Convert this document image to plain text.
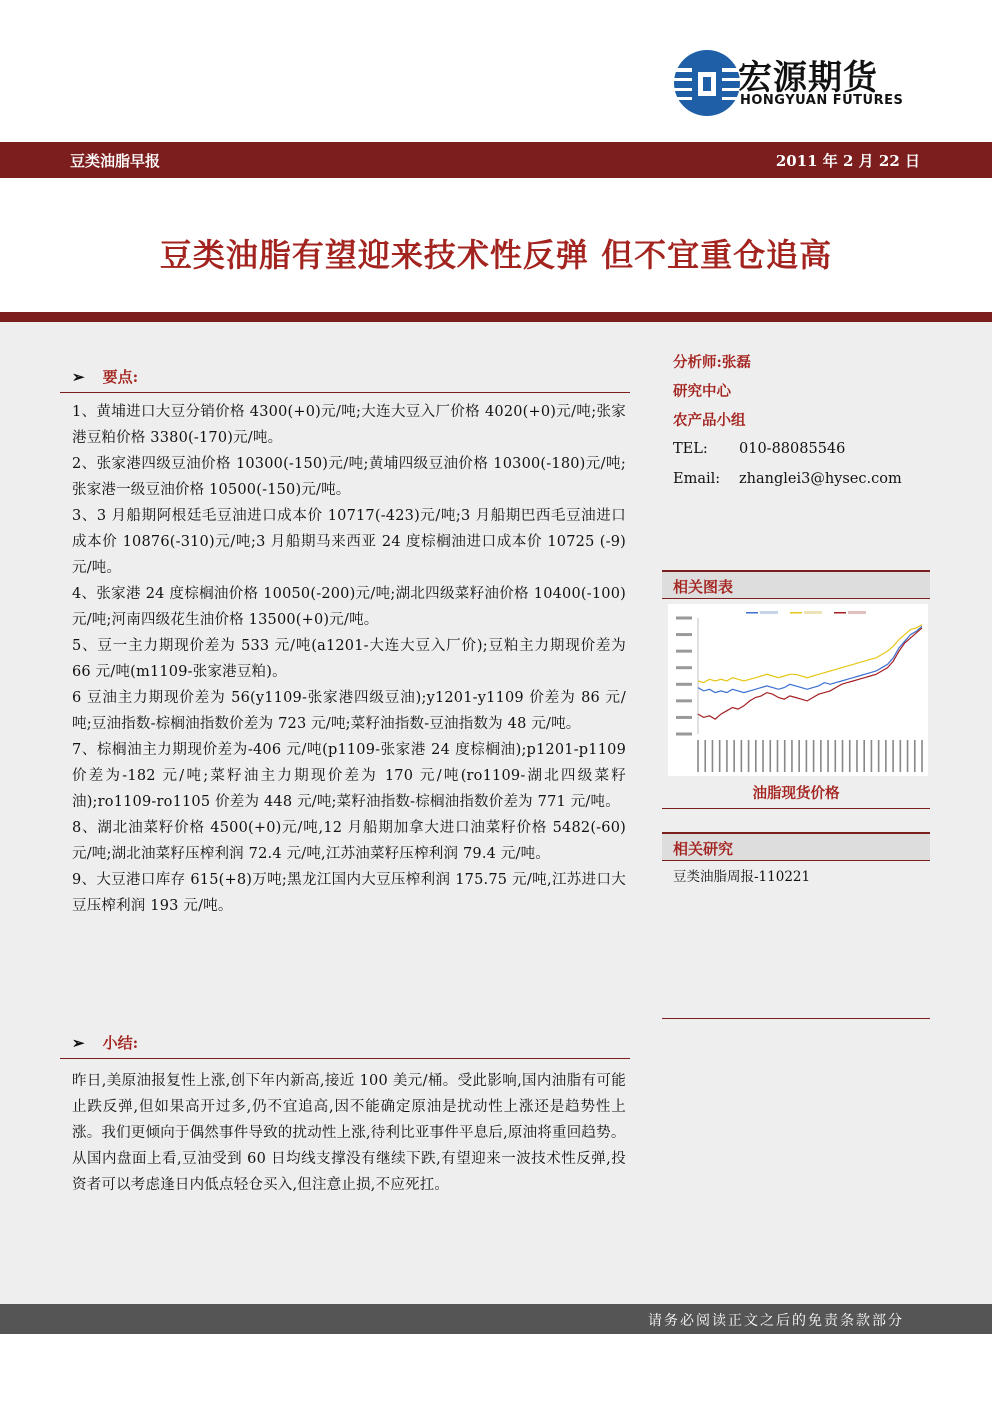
宏源期货
HONGYUAN FUTURES
豆类油脂早报	2011 年 2 月 22 日
豆类油脂有望迎来技术性反弹 但不宜重仓追高
➢ 要点:

1、黄埔进口大豆分销价格 4300(+0)元/吨;大连大豆入厂价格 4020(+0)元/吨;张家港豆粕价格 3380(-170)元/吨。

2、张家港四级豆油价格 10300(-150)元/吨;黄埔四级豆油价格 10300(-180)元/吨;张家港一级豆油价格 10500(-150)元/吨。

3、3 月船期阿根廷毛豆油进口成本价 10717(-423)元/吨;3 月船期巴西毛豆油进口成本价 10876(-310)元/吨;3 月船期马来西亚 24 度棕榈油进口成本价 10725 (-9)元/吨。

4、张家港 24 度棕榈油价格 10050(-200)元/吨;湖北四级菜籽油价格 10400(-100)元/吨;河南四级花生油价格 13500(+0)元/吨。

5、豆一主力期现价差为 533 元/吨(a1201-大连大豆入厂价);豆粕主力期现价差为 66 元/吨(m1109-张家港豆粕)。

6 豆油主力期现价差为 56(y1109-张家港四级豆油);y1201-y1109 价差为 86 元/吨;豆油指数-棕榈油指数价差为 723 元/吨;菜籽油指数-豆油指数为 48 元/吨。

7、棕榈油主力期现价差为-406 元/吨(p1109-张家港 24 度棕榈油);p1201-p1109 价差为-182 元/吨;菜籽油主力期现价差为 170 元/吨(ro1109-湖北四级菜籽油);ro1109-ro1105 价差为 448 元/吨;菜籽油指数-棕榈油指数价差为 771 元/吨。

8、湖北油菜籽价格 4500(+0)元/吨,12 月船期加拿大进口油菜籽价格 5482(-60)元/吨;湖北油菜籽压榨利润 72.4 元/吨,江苏油菜籽压榨利润 79.4 元/吨。

9、大豆港口库存 615(+8)万吨;黑龙江国内大豆压榨利润 175.75 元/吨,江苏进口大豆压榨利润 193 元/吨。

➢ 小结:

昨日,美原油报复性上涨,创下年内新高,接近 100 美元/桶。受此影响,国内油脂有可能止跌反弹,但如果高开过多,仍不宜追高,因不能确定原油是扰动性上涨还是趋势性上涨。我们更倾向于偶然事件导致的扰动性上涨,待利比亚事件平息后,原油将重回趋势。

从国内盘面上看,豆油受到 60 日均线支撑没有继续下跌,有望迎来一波技术性反弹,投资者可以考虑逢日内低点轻仓买入,但注意止损,不应死扛。

分析师:张磊
研究中心
农产品小组
TEL: 010-88085546
Email: zhanglei3@hysec.com
相关图表
油脂现货价格
相关研究
豆类油脂周报-110221
请务必阅读正文之后的免责条款部分
